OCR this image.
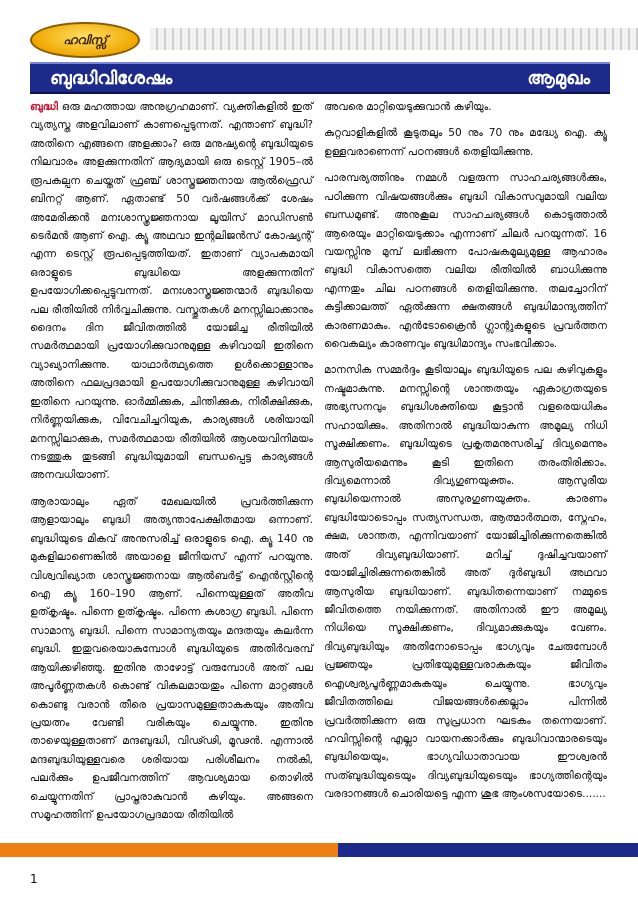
ഹവിസ്സ്
ബുദ്ധിവിശേഷം	ആമുഖം

ബുദ്ധി ഒരു മഹത്തായ അനുഗ്രഹമാണ്. വ്യക്തികളിൽ ഇത് വ്യത്യസ്ത അളവിലാണ് കാണപ്പെടുന്നത്. എന്താണ് ബുദ്ധി? അതിനെ എങ്ങനെ അളക്കാം? ഒരു മനുഷ്യന്റെ ബുദ്ധിയുടെ നിലവാരം അളക്കുന്നതിന് ആദ്യമായി ഒരു ടെസ്റ്റ് 1905–ൽ രൂപകല്പന ചെയ്തത് ഫ്രഞ്ച് ശാസ്ത്രജ്ഞനായ ആൽഫ്രെഡ് ബിനറ്റ് ആണ്. ഏതാണ്ട് 50 വർഷങ്ങൾക്ക് ശേഷം അമേരിക്കൻ മനഃശാസ്ത്രജ്ഞനായ ലൂയിസ് മാഡിസൺ ടെർമൻ ആണ് ഐ. ക്യൂ അഥവാ ഇന്റലിജൻസ് കോഷ്യന്റ് എന്ന ടെസ്റ്റ് രൂപപ്പെടുത്തിയത്. ഇതാണ് വ്യാപകമായി ഒരാളുടെ ബുദ്ധിയെ അളക്കുന്നതിന് ഉപയോഗിക്കപ്പെട്ടുവന്നത്. മനഃശാസ്ത്രജ്ഞന്മാർ ബുദ്ധിയെ പല രീതിയിൽ നിർവ്വചിക്കുന്നു. വസ്തുതകൾ മനസ്സിലാക്കാനും ദൈനം ദിന ജീവിതത്തിൽ യോജിച്ച രീതിയിൽ സമർത്ഥമായി പ്രയോഗിക്കുവാനുമുള്ള കഴിവായി ഇതിനെ വ്യാഖ്യാനിക്കുന്നു. യാഥാർത്ഥ്യത്തെ ഉൾക്കൊള്ളാനും അതിനെ ഫലപ്രദമായി ഉപയോഗിക്കുവാനുമുള്ള കഴിവായി ഇതിനെ പറയുന്നു. ഓർമ്മിക്കുക, ചിന്തിക്കുക, നിരീക്ഷിക്കുക, നിർണ്ണയിക്കുക, വിവേചിച്ചറിയുക, കാര്യങ്ങൾ ശരിയായി മനസ്സിലാക്കുക, സമർത്ഥമായ രീതിയിൽ ആശയവിനിമയം നടത്തുക തുടങ്ങി ബുദ്ധിയുമായി ബന്ധപ്പെട്ട കാര്യങ്ങൾ അനവധിയാണ്.

ആരായാലും ഏത് മേഖലയിൽ പ്രവർത്തിക്കുന്ന ആളായാലും ബുദ്ധി അത്യന്താപേക്ഷിതമായ ഒന്നാണ്. ബുദ്ധിയുടെ മികവ് അനുസരിച്ച് ഒരാളുടെ ഐ. ക്യൂ 140 നു മുകളിലാണെങ്കിൽ അയാളെ ജീനിയസ് എന്ന് പറയുന്നു. വിശ്വവിഖ്യാത ശാസ്ത്രജ്ഞനായ ആൽബർട്ട് ഐൻസ്റ്റീന്റെ ഐ ക്യൂ 160–190 ആണ്. പിന്നെയുള്ളത് അതീവ ഉത്കൃഷ്ടം. പിന്നെ ഉത്കൃഷ്ടം. പിന്നെ കശാഗ്ര ബുദ്ധി. പിന്നെ സാമാന്യ ബുദ്ധി. പിന്നെ സാമാന്യതയും മന്ദതയും കലർന്ന ബുദ്ധി. ഇതുവരെയാകുമ്പോൾ ബുദ്ധിയുടെ അതിർവരമ്പ് ആയിക്കഴിഞ്ഞു. ഇതിനു താഴോട്ട് വരുമ്പോൾ അത് പല അപൂർണ്ണതകൾ കൊണ്ട് വികലമായതും പിന്നെ മാറ്റങ്ങൾ കൊണ്ടു വരാൻ തീരെ പ്രയാസമുള്ളതാകുകയും അതീവ പ്രയത്നം വേണ്ടി വരികയും ചെയ്യുന്നു. ഇതിനു താഴെയുള്ളതാണ് മന്ദബുദ്ധി, വിഢ്ഢി, മൂഢൻ. എന്നാൽ മന്ദബുദ്ധിയുള്ളവരെ ശരിയായ പരിശീലനം നൽകി, പലർക്കും ഉപജീവനത്തിന് ആവശ്യമായ തൊഴിൽ ചെയ്യുന്നതിന് പ്രാപ്തരാകുവാൻ കഴിയും. അങ്ങനെ സമൂഹത്തിന് ഉപയോഗപ്രദമായ രീതിയിൽ

അവരെ മാറ്റിയെടുക്കുവാൻ കഴിയും.

കുറ്റവാളികളിൽ കൂടുതലും 50 നും 70 നും മദ്ധ്യേ ഐ. ക്യൂ ഉള്ളവരാണെന്ന് പഠനങ്ങൾ തെളിയിക്കുന്നു.

പാരമ്പര്യത്തിനും നമ്മൾ വളരുന്ന സാഹചര്യങ്ങൾക്കും, പഠിക്കുന്ന വിഷയങ്ങൾക്കും ബുദ്ധി വികാസവുമായി വലിയ ബന്ധമുണ്ട്. അനുകൂല സാഹചര്യങ്ങൾ കൊടുത്താൽ ആരെയും മാറ്റിയെടുക്കാം എന്നാണ് ചിലർ പറയുന്നത്. 16 വയസ്സിനു മുമ്പ് ലഭിക്കുന്ന പോഷകമൂല്യമുള്ള ആഹാരം ബുദ്ധി വികാസത്തെ വലിയ രീതിയിൽ ബാധിക്കുന്നു എന്നതും ചില പഠനങ്ങൾ തെളിയിക്കുന്നു. തലച്ചോറിന് കുട്ടിക്കാലത്ത് ഏൽക്കുന്ന ക്ഷതങ്ങൾ ബുദ്ധിമാന്ദ്യത്തിന് കാരണമാകും. എൻടോക്രൈൻ ഗ്ലാന്റുകളുടെ പ്രവർത്തന വൈകല്യം കാരണവും ബുദ്ധിമാന്ദ്യം സംഭവിക്കാം.

മാനസിക സമ്മർദ്ദം കൂടിയാലും ബുദ്ധിയുടെ പല കഴിവുകളും നഷ്ടമാകുന്നു. മനസ്സിന്റെ ശാന്തതയും ഏകാഗ്രതയുടെ അഭ്യസനവും ബുദ്ധിശക്തിയെ കൂട്ടാൻ വളരെയധികം സഹായിക്കും. അതിനാൽ ബുദ്ധിയാകുന്ന അമൂല്യ നിധി സൂക്ഷിക്കണം. ബുദ്ധിയുടെ പ്രകൃതമനുസരിച്ച് ദിവ്യമെന്നും ആസുരീയമെന്നും കൂടി ഇതിനെ തരംതിരിക്കാം. ദിവ്യമെന്നാൽ ദിവ്യഗുണയുക്തം. ആസുരീയ ബുദ്ധിയെന്നാൽ അസുരഗുണയുക്തം. കാരണം ബുദ്ധിയോടൊപ്പം സത്യസന്ധത, ആത്മാർത്ഥത, സ്നേഹം, ക്ഷമ, ശാന്തത, എന്നിവയാണ് യോജിച്ചിരിക്കുന്നതെങ്കിൽ അത് ദിവ്യബുദ്ധിയാണ്. മറിച്ച് ദുഷിച്ചവയാണ് യോജിച്ചിരിക്കുന്നതെങ്കിൽ അത് ദുർബുദ്ധി അഥവാ ആസുരീയ ബുദ്ധിയാണ്. ബുദ്ധിതന്നെയാണ് നമ്മുടെ ജീവിതത്തെ നയിക്കുന്നത്. അതിനാൽ ഈ അമൂല്യ നിധിയെ സൂക്ഷിക്കണം, ദിവ്യമാക്കുകയും വേണം. ദിവ്യബുദ്ധിയും അതിനോടൊപ്പം ഭാഗ്യവും ചേരുമ്പോൾ പ്രജ്ഞയും പ്രതിഭയുമുള്ളവരാകുകയും ജീവിതം ഐശ്വര്യപൂർണ്ണമാകുകയും ചെയ്യുന്നു. ഭാഗ്യവും ജീവിതത്തിലെ വിജയങ്ങൾക്കെല്ലാം പിന്നിൽ പ്രവർത്തിക്കുന്ന ഒരു സുപ്രധാന ഘടകം തന്നെയാണ്. ഹവിസ്സിന്റെ എല്ലാ വായനക്കാർക്കും ബുദ്ധിവാന്മാരടെയും ബുദ്ധിയെയും, ഭാഗ്യവിധാതാവായ ഈശ്വരൻ സത്ബുദ്ധിയുടെയും ദിവ്യബുദ്ധിയുടെയും ഭാഗ്യത്തിന്റെയും വരദാനങ്ങൾ ചൊരിയട്ടെ എന്ന ശുഭ ആംശസയോടെ.......

1
